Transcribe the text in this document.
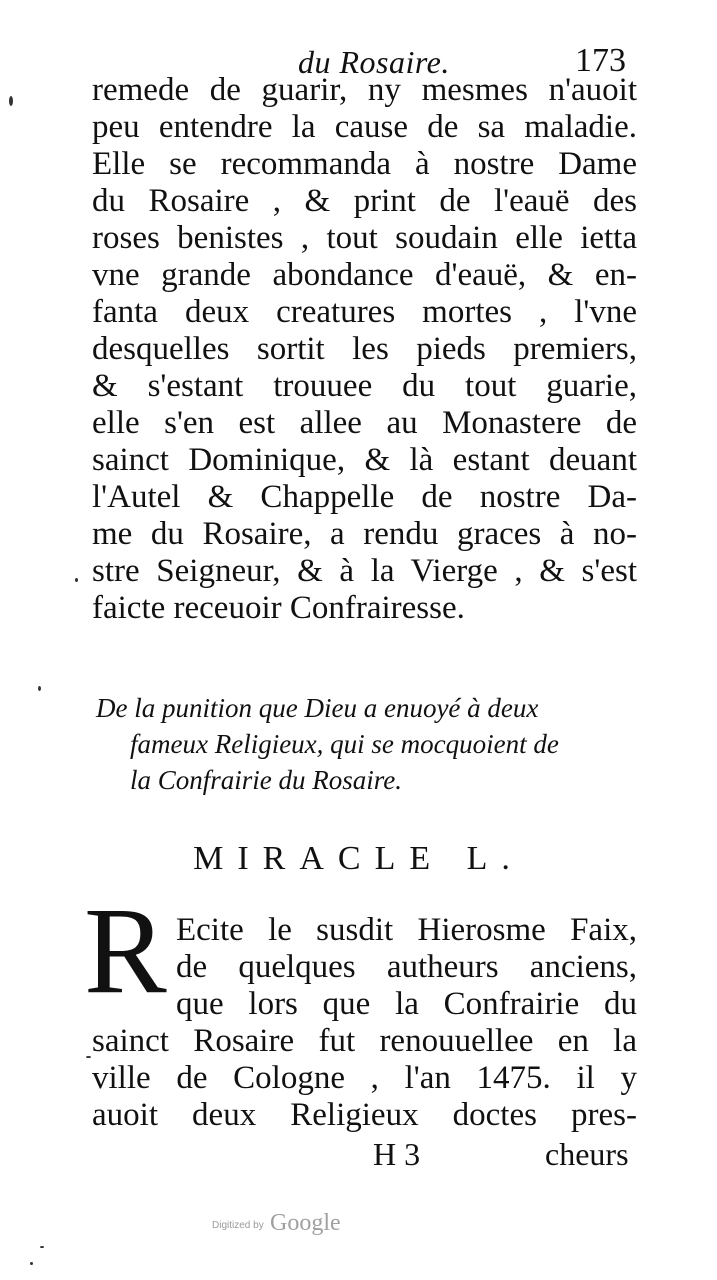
du Rosaire.	173
remede de guarir, ny mesmes n'auoit
peu entendre la cause de sa maladie.
Elle se recommanda à nostre Dame
du Rosaire , & print de l'eauë des
roses benistes , tout soudain elle ietta
vne grande abondance d'eauë, & en-
fanta deux creatures mortes , l'vne
desquelles sortit les pieds premiers,
& s'estant trouuee du tout guarie,
elle s'en est allee au Monastere de
sainct Dominique, & là estant deuant
l'Autel & Chappelle de nostre Da-
me du Rosaire, a rendu graces à no-
stre Seigneur, & à la Vierge , & s'est
faicte receuoir Confrairesse.
De la punition que Dieu a enuoyé à deux
fameux Religieux, qui se mocquoient de
la Confrairie du Rosaire.
MIRACLE L.
R Ecite le susdit Hierosme Faix,
de quelques autheurs anciens,
que lors que la Confrairie du
sainct Rosaire fut renouuellee en la
ville de Cologne , l'an 1475. il y
auoit deux Religieux doctes pres-
H 3	cheurs
Digitized by Google
